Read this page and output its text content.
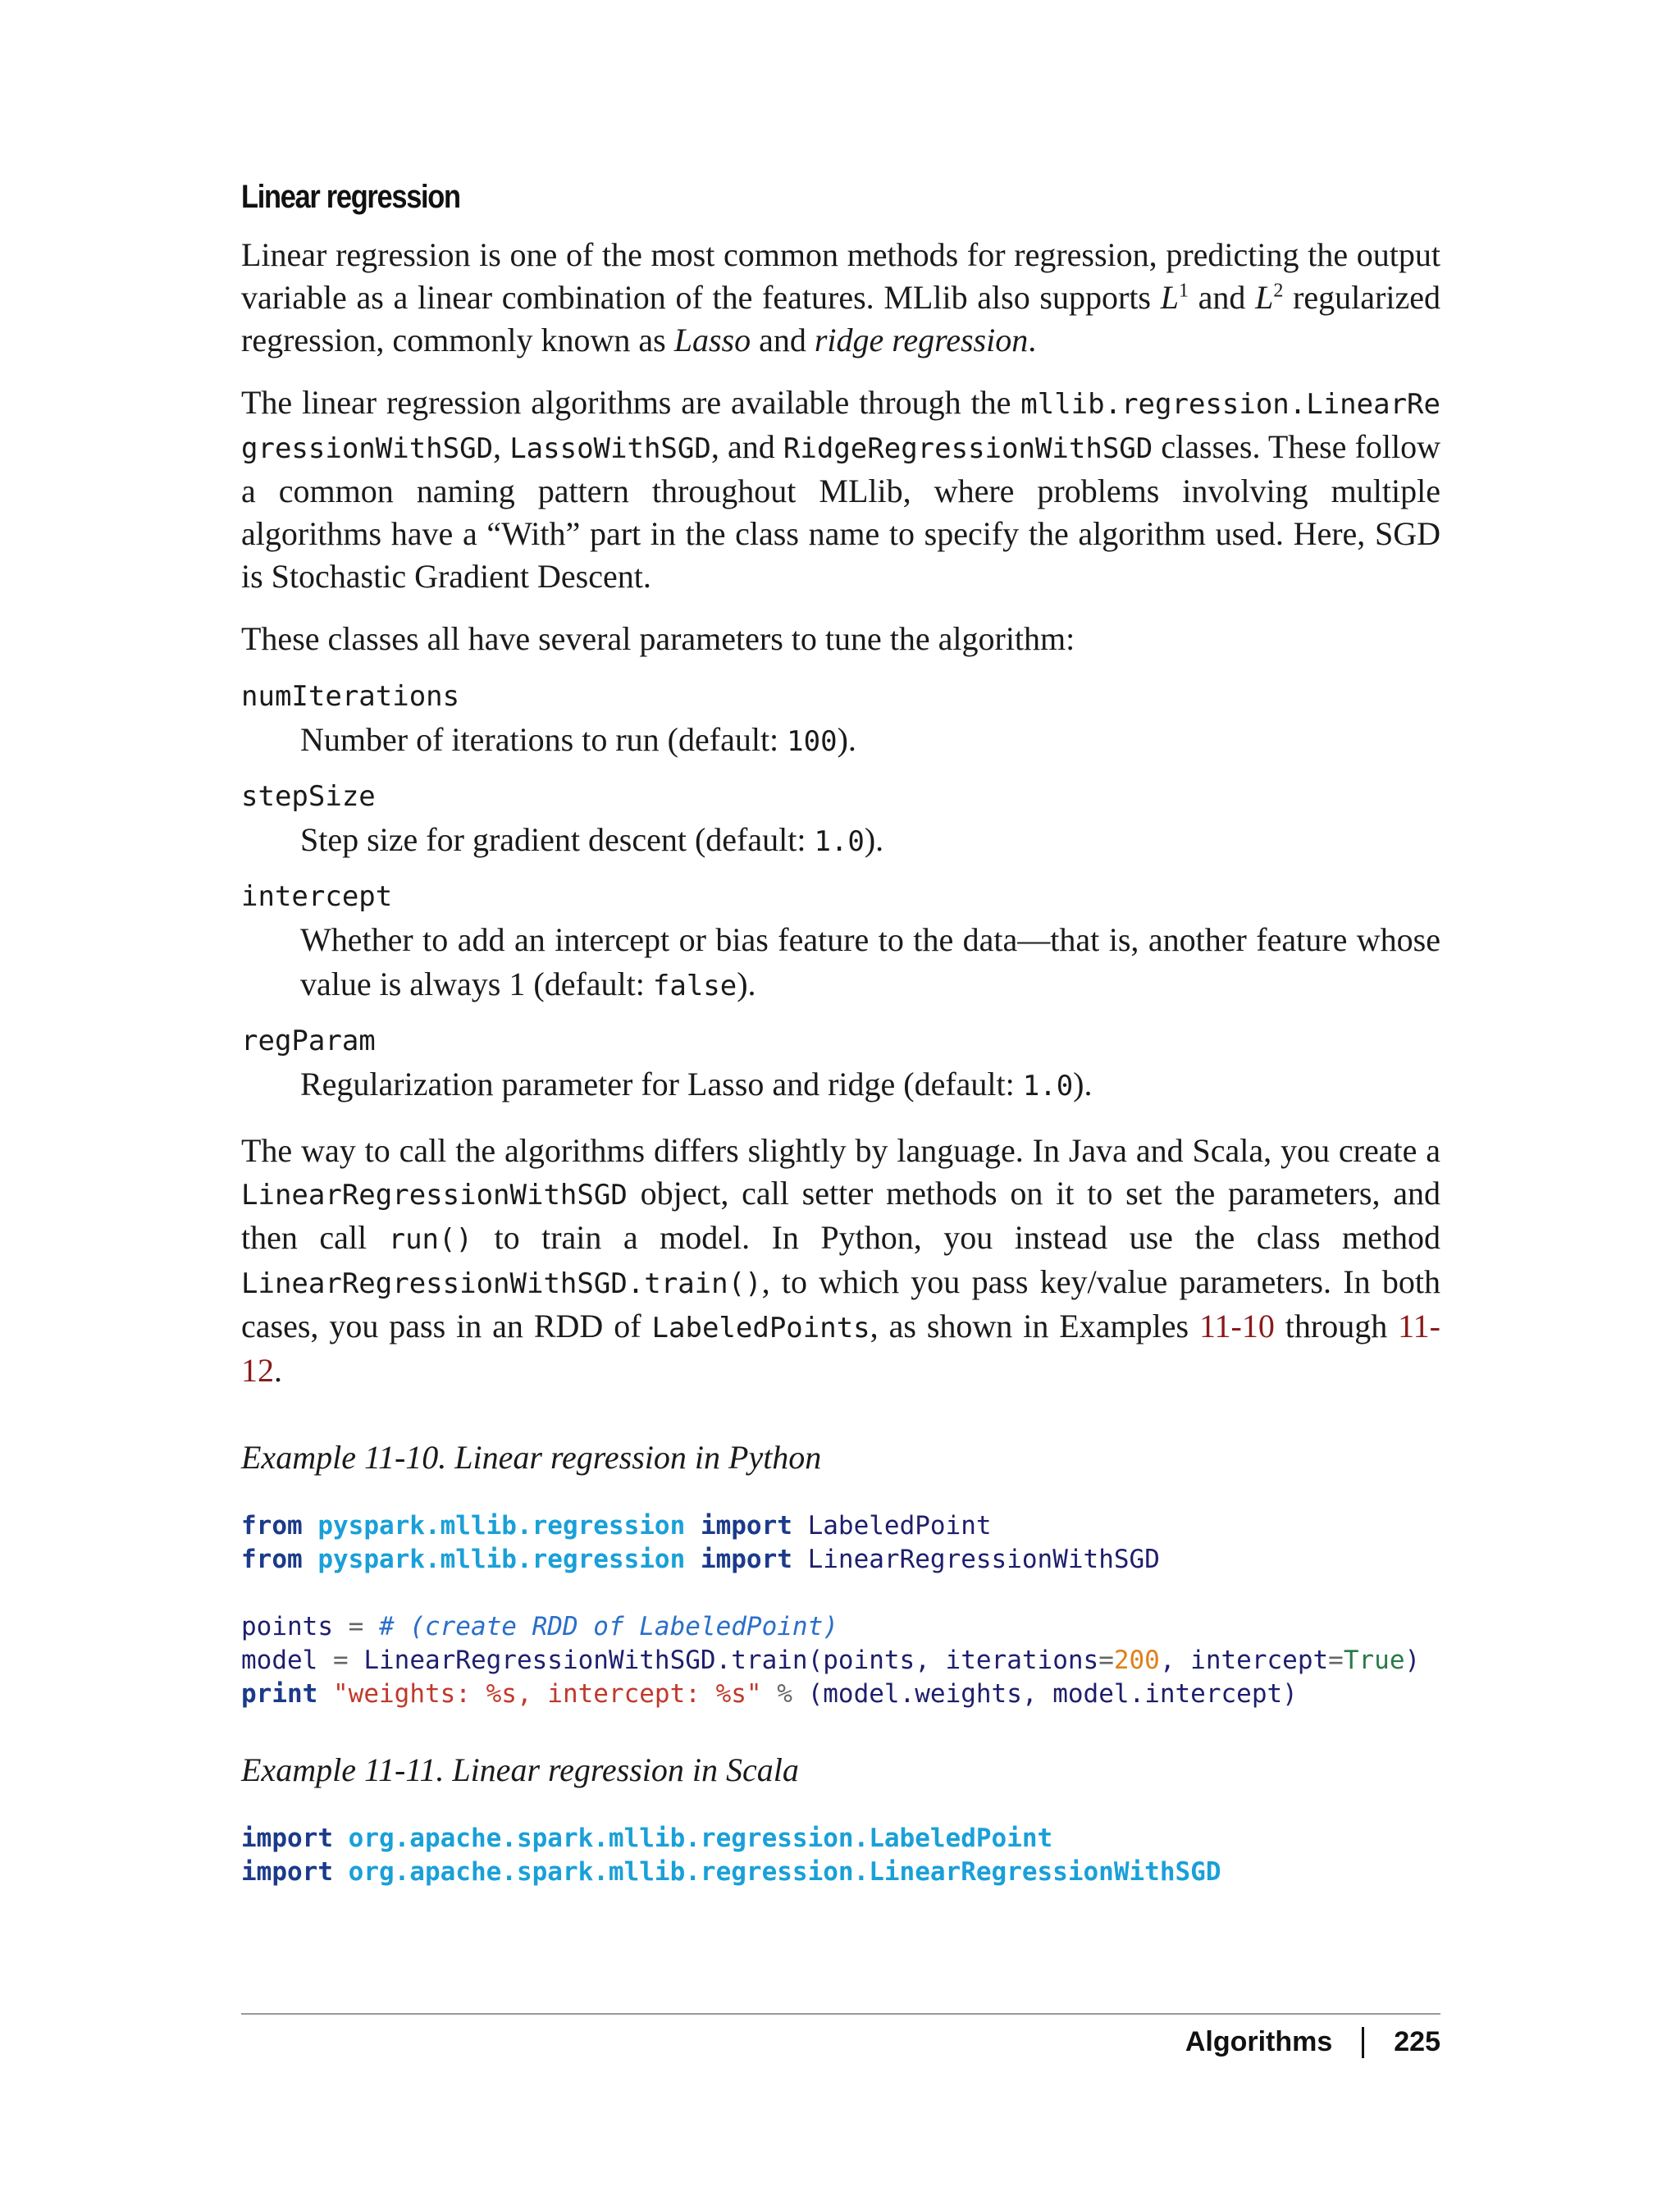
Linear regression

Linear regression is one of the most common methods for regression, predicting the output variable as a linear combination of the features. MLlib also supports $L^1$ and $L^2$ regularized regression, commonly known as Lasso and ridge regression.

The linear regression algorithms are available through the mllib.regression.LinearRegressionWithSGD, LassoWithSGD, and RidgeRegressionWithSGD classes. These follow a common naming pattern throughout MLlib, where problems involving multiple algorithms have a “With” part in the class name to specify the algorithm used. Here, SGD is Stochastic Gradient Descent.

These classes all have several parameters to tune the algorithm:

numIterations
Number of iterations to run (default: 100).
stepSize
Step size for gradient descent (default: 1.0).
intercept
Whether to add an intercept or bias feature to the data—that is, another feature whose value is always 1 (default: false).
regParam
Regularization parameter for Lasso and ridge (default: 1.0).

The way to call the algorithms differs slightly by language. In Java and Scala, you create a LinearRegressionWithSGD object, call setter methods on it to set the parameters, and then call run() to train a model. In Python, you instead use the class method LinearRegressionWithSGD.train(), to which you pass key/value parameters. In both cases, you pass in an RDD of LabeledPoints, as shown in Examples 11-10 through 11-12.

Example 11-10. Linear regression in Python
from pyspark.mllib.regression import LabeledPoint
from pyspark.mllib.regression import LinearRegressionWithSGD

points = # (create RDD of LabeledPoint)
model = LinearRegressionWithSGD.train(points, iterations=200, intercept=True)
print "weights: %s, intercept: %s" % (model.weights, model.intercept)
Example 11-11. Linear regression in Scala
import org.apache.spark.mllib.regression.LabeledPoint
import org.apache.spark.mllib.regression.LinearRegressionWithSGD
Algorithms 225
